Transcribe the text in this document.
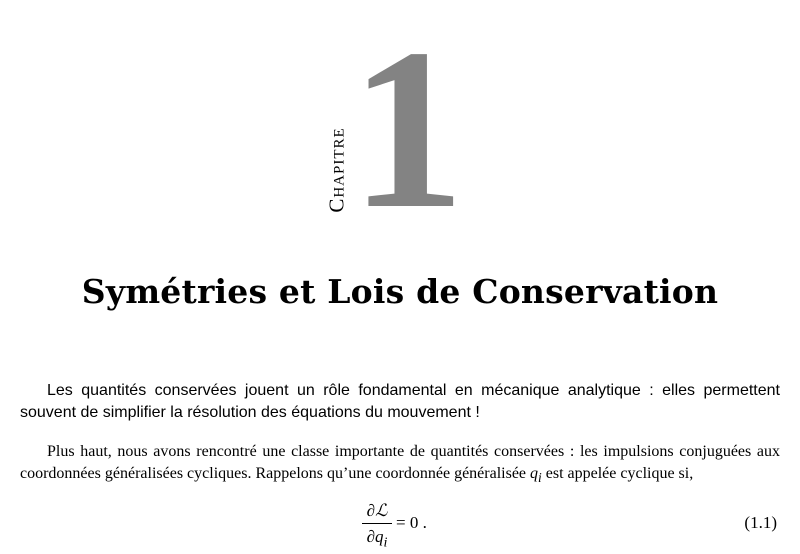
Chapitre 1
Symétries et Lois de Conservation

Les quantités conservées jouent un rôle fondamental en mécanique analytique : elles permettent souvent de simplifier la résolution des équations du mouvement !

Plus haut, nous avons rencontré une classe importante de quantités conservées : les impulsions conjuguées aux coordonnées généralisées cycliques. Rappelons qu’une coordonnée généralisée $q_i$ est appelée cyclique si,

∂ℒ
$\partial q_i$
= 0 .	(1.1)
